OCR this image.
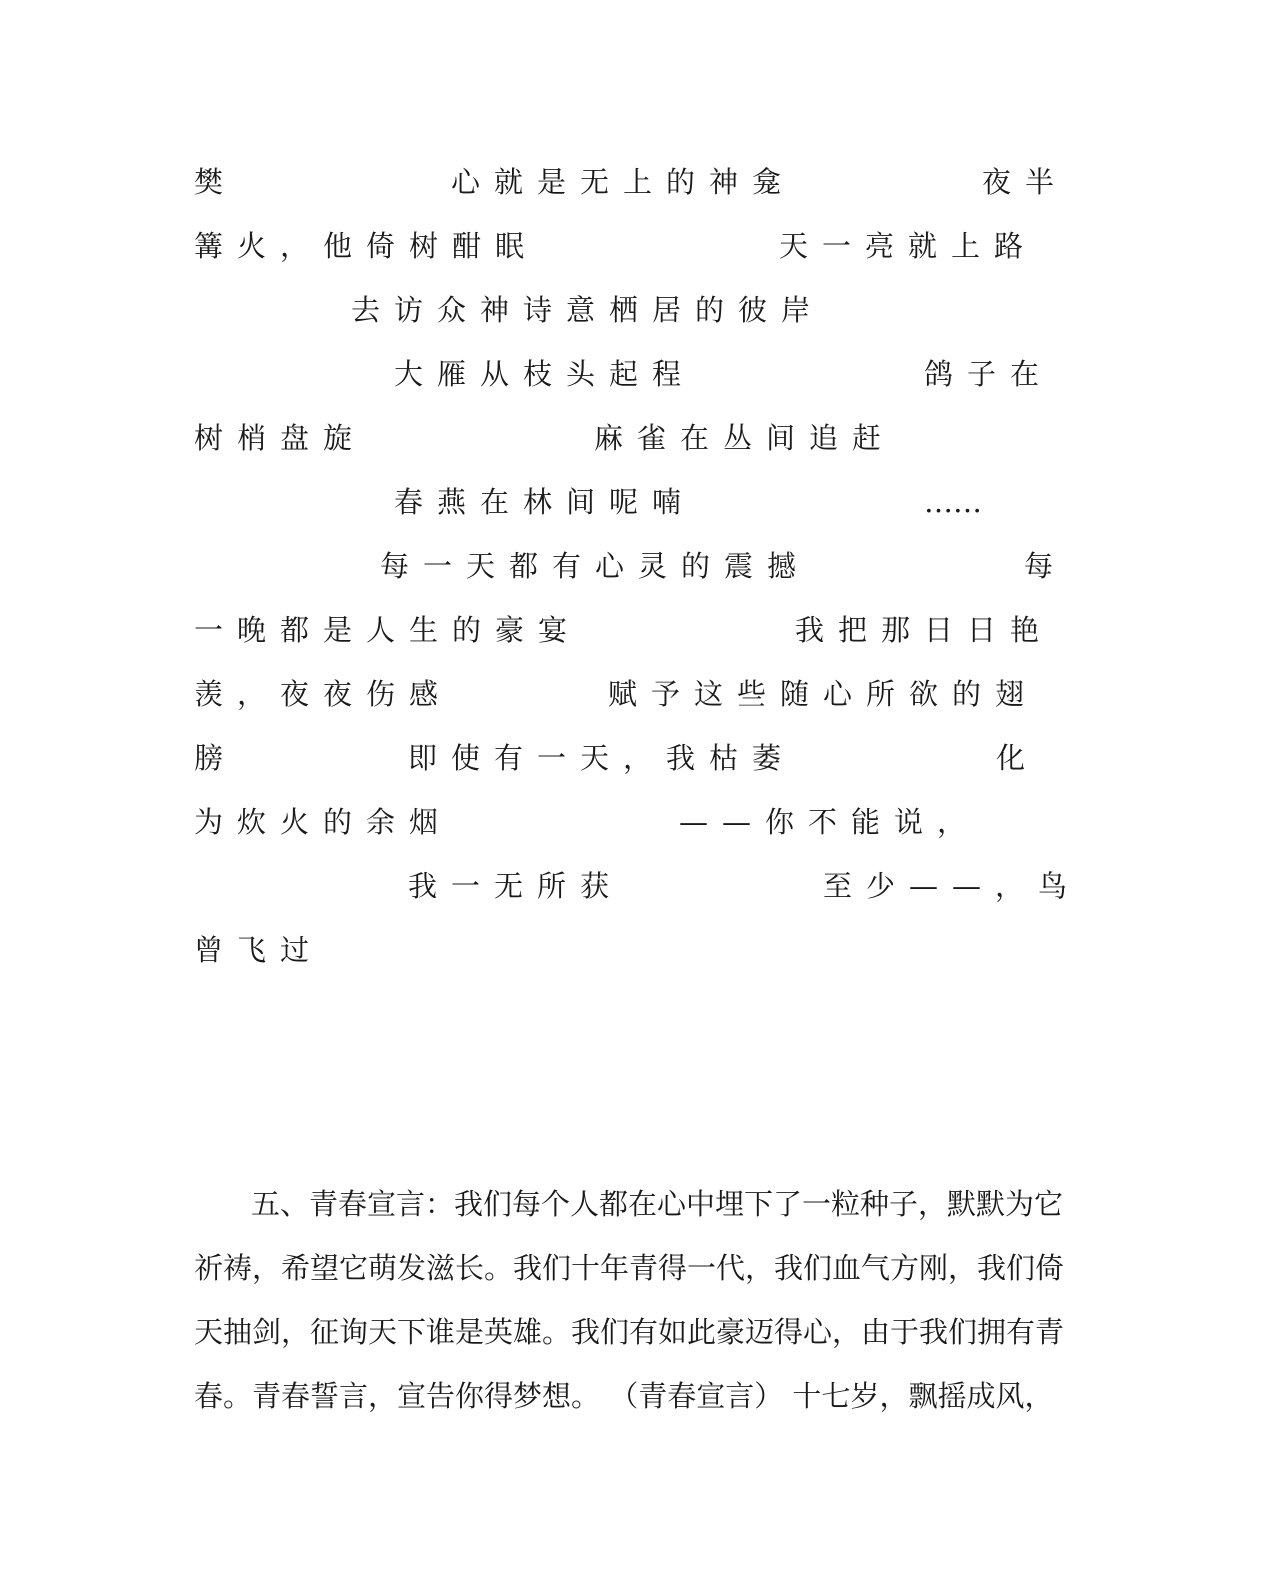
樊	心就是无上的神龛	夜半
篝火，他倚树酣眠	天一亮就上路
去访众神诗意栖居的彼岸
大雁从枝头起程	鸽子在
树梢盘旋	麻雀在丛间追赶
春燕在林间呢喃	……
每一天都有心灵的震撼	每
一晚都是人生的豪宴	我把那日日艳
羡，夜夜伤感	赋予这些随心所欲的翅
膀	即使有一天，我枯萎	化
为炊火的余烟	——你不能说，
我一无所获	至少——，鸟
曾飞过
五、青春宣言：我们每个人都在心中埋下了一粒种子，默默为它
祈祷，希望它萌发滋长。我们十年青得一代，我们血气方刚，我们倚
天抽剑，征询天下谁是英雄。我们有如此豪迈得心，由于我们拥有青
春。青春誓言，宣告你得梦想。 （青春宣言） 十七岁，飘摇成风，
